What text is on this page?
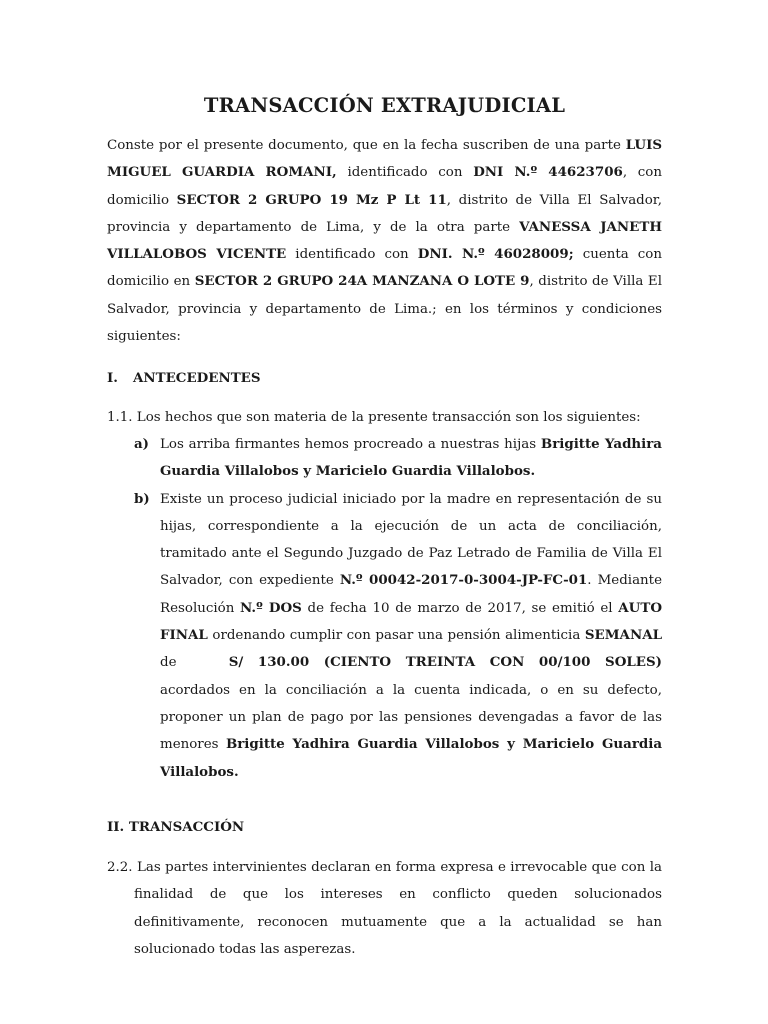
TRANSACCIÓN EXTRAJUDICIAL

Conste por el presente documento, que en la fecha suscriben de una parte LUIS MIGUEL GUARDIA ROMANI, identificado con DNI N.º 44623706, con domicilio SECTOR 2 GRUPO 19 Mz P Lt 11, distrito de Villa El Salvador, provincia y departamento de Lima, y de la otra parte VANESSA JANETH VILLALOBOS VICENTE identificado con DNI. N.º 46028009; cuenta con domicilio en SECTOR 2 GRUPO 24A MANZANA O LOTE 9, distrito de Villa El Salvador, provincia y departamento de Lima.; en los términos y condiciones siguientes:

I. ANTECEDENTES

1.1. Los hechos que son materia de la presente transacción son los siguientes:

a) Los arriba firmantes hemos procreado a nuestras hijas Brigitte Yadhira Guardia Villalobos y Maricielo Guardia Villalobos.
b) Existe un proceso judicial iniciado por la madre en representación de su hijas, correspondiente a la ejecución de un acta de conciliación, tramitado ante el Segundo Juzgado de Paz Letrado de Familia de Villa El Salvador, con expediente N.º 00042-2017-0-3004-JP-FC-01. Mediante Resolución N.º DOS de fecha 10 de marzo de 2017, se emitió el AUTO FINAL ordenando cumplir con pasar una pensión alimenticia SEMANAL de	S/ 130.00 (CIENTO TREINTA CON 00/100 SOLES) acordados en la conciliación a la cuenta indicada, o en su defecto, proponer un plan de pago por las pensiones devengadas a favor de las menores Brigitte Yadhira Guardia Villalobos y Maricielo Guardia Villalobos.

II. TRANSACCIÓN

2.2. Las partes intervinientes declaran en forma expresa e irrevocable que con la finalidad de que los intereses en conflicto queden solucionados definitivamente, reconocen mutuamente que a la actualidad se han solucionado todas las asperezas.
